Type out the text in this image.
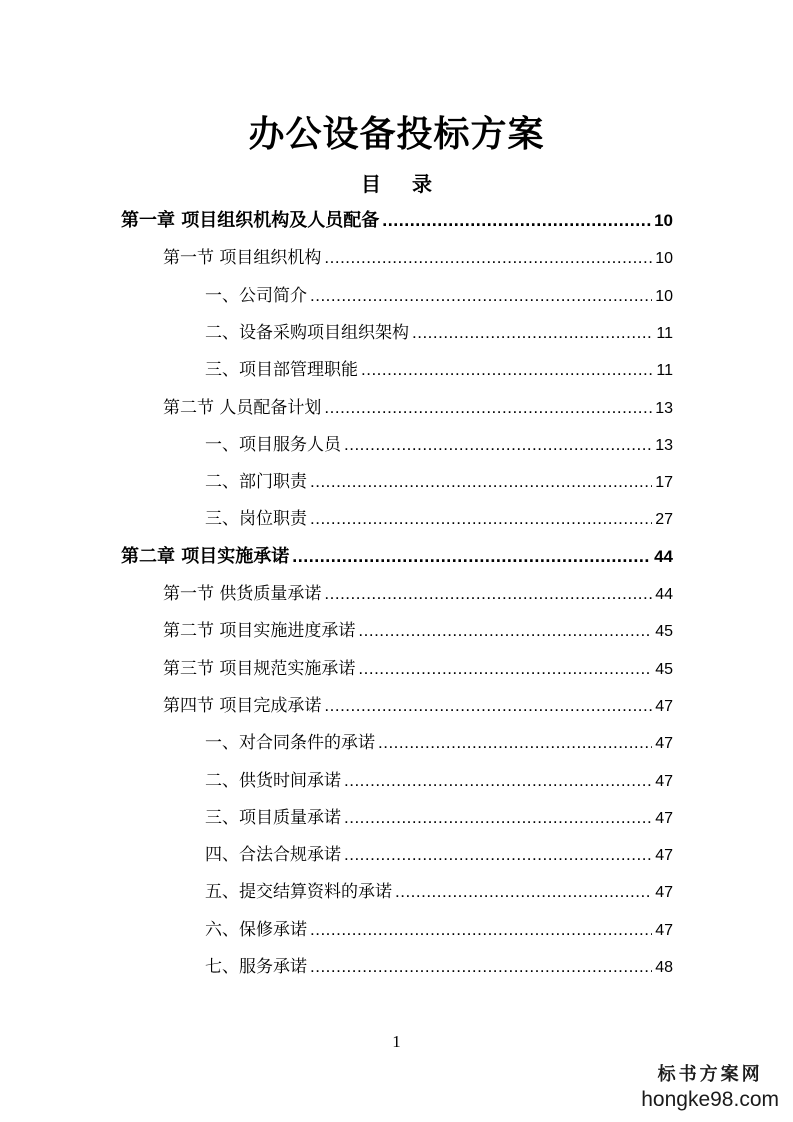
办公设备投标方案
目 录
第一章 项目组织机构及人员配备 .....	10
第一节 项目组织机构 .....	10
一、公司简介 .....	10
二、设备采购项目组织架构 .....	11
三、项目部管理职能 .....	11
第二节 人员配备计划 .....	13
一、项目服务人员 .....	13
二、部门职责 .....	17
三、岗位职责 .....	27
第二章 项目实施承诺 .....	44
第一节 供货质量承诺 .....	44
第二节 项目实施进度承诺 .....	45
第三节 项目规范实施承诺 .....	45
第四节 项目完成承诺 .....	47
一、对合同条件的承诺 .....	47
二、供货时间承诺 .....	47
三、项目质量承诺 .....	47
四、合法合规承诺 .....	47
五、提交结算资料的承诺 .....	47
六、保修承诺 .....	47
七、服务承诺 .....	48
1
标书方案网
hongke98.com
